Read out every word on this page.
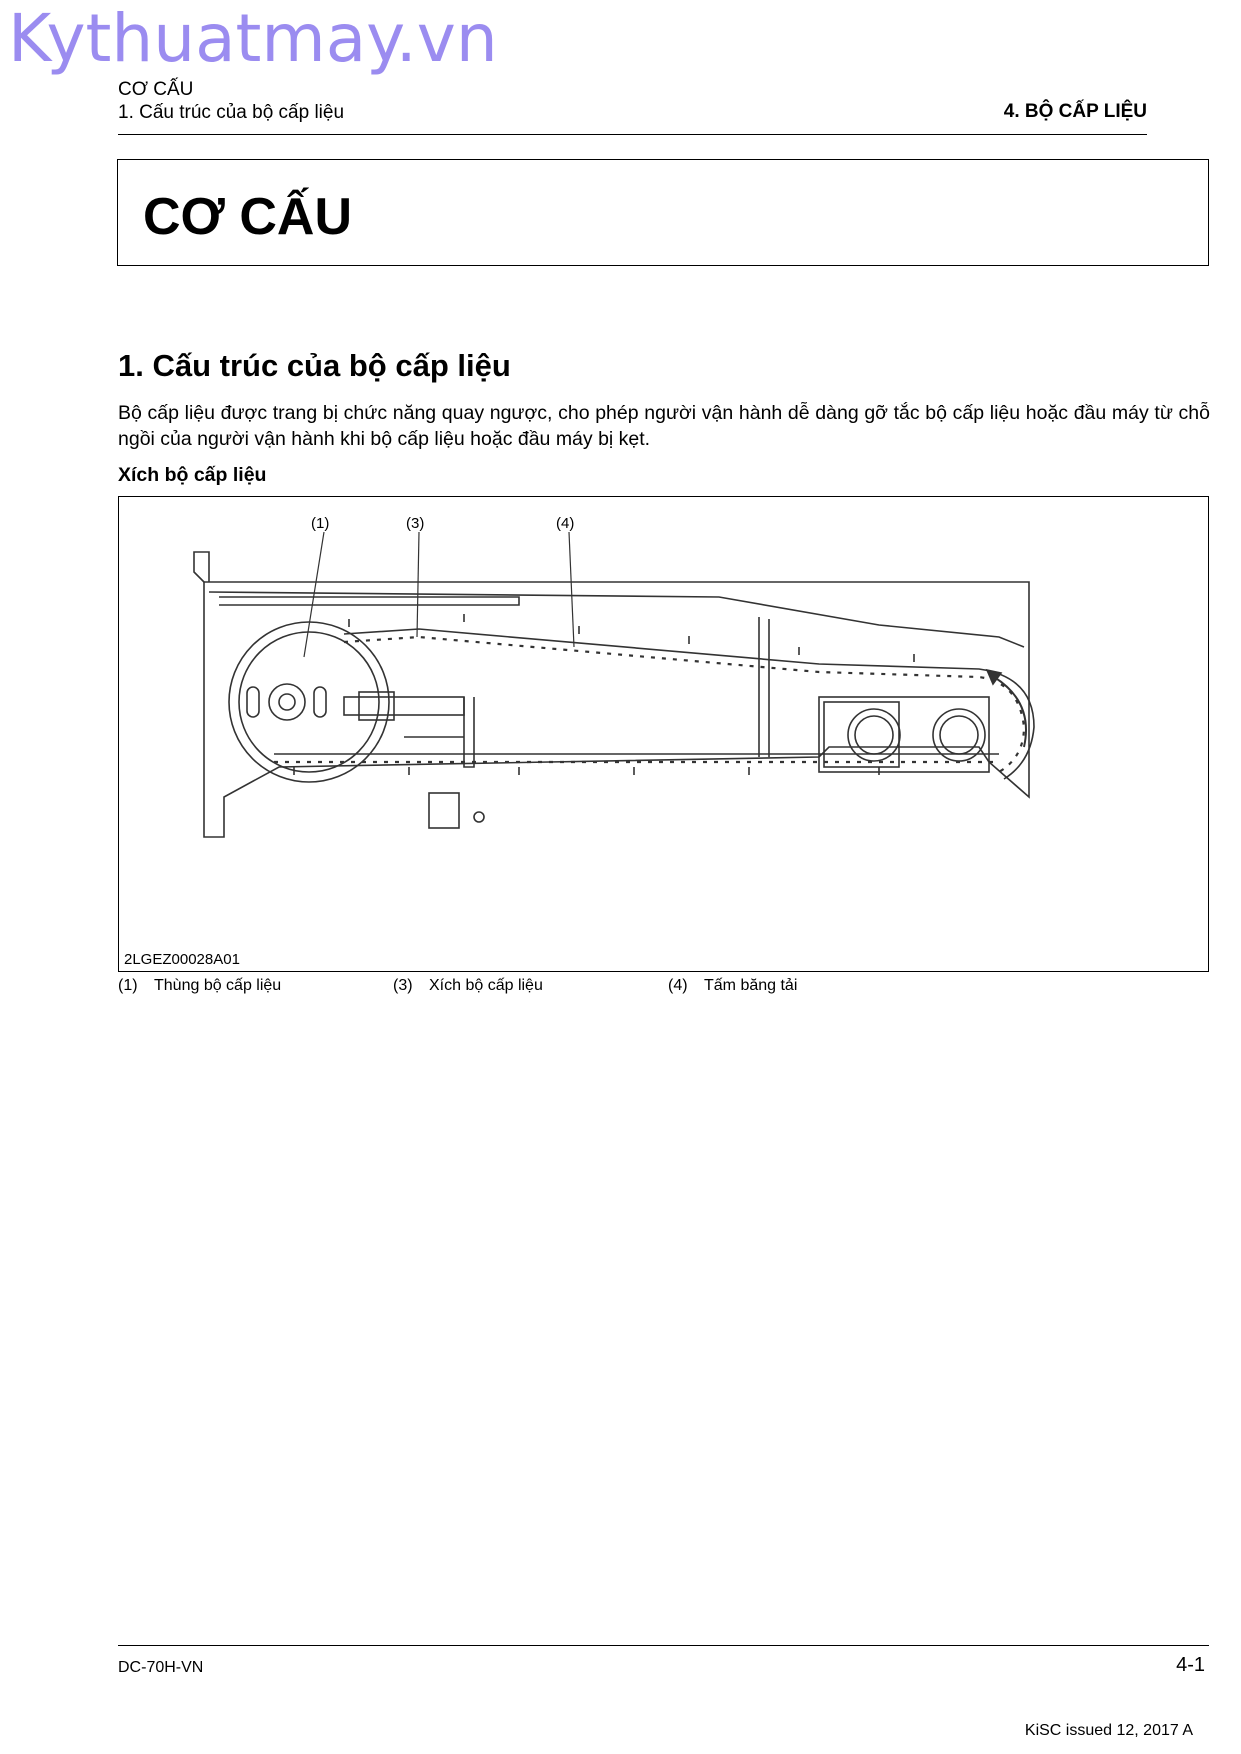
Kythuatmay.vn
CƠ CẤU
1. Cấu trúc của bộ cấp liệu	4. BỘ CẤP LIỆU
CƠ CẤU
1. Cấu trúc của bộ cấp liệu

Bộ cấp liệu được trang bị chức năng quay ngược, cho phép người vận hành dễ dàng gỡ tắc bộ cấp liệu hoặc đầu máy từ chỗ ngồi của người vận hành khi bộ cấp liệu hoặc đầu máy bị kẹt.

Xích bộ cấp liệu
(1)	(3)	(4)
2LGEZ00028A01
(1) Thùng bộ cấp liệu	(3) Xích bộ cấp liệu	(4) Tấm băng tải
DC-70H-VN	4-1
KiSC issued 12, 2017 A
